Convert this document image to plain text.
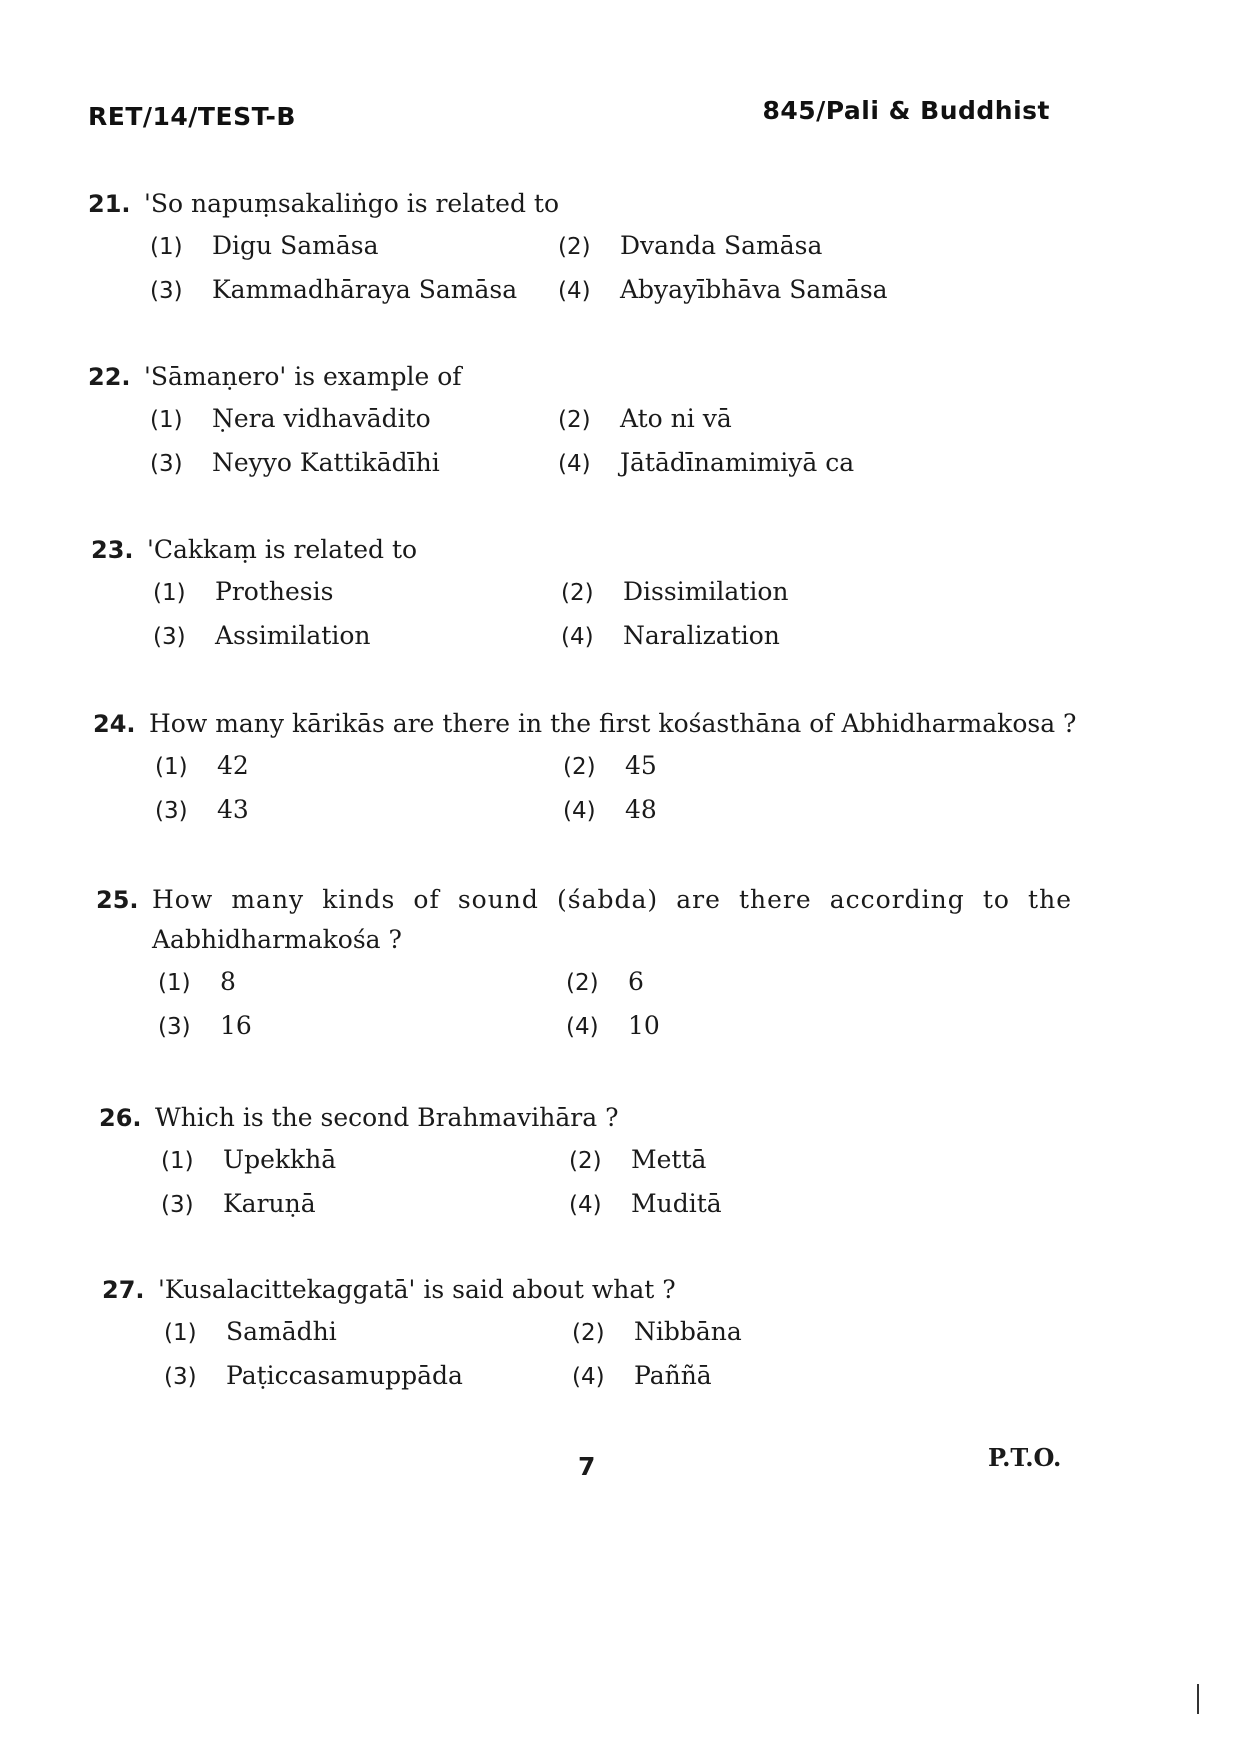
RET/14/TEST-B	845/Pali & Buddhist
21. 'So napuṃsakaliṅgo is related to
(1) Digu Samāsa	(2) Dvanda Samāsa
(3) Kammadhāraya Samāsa (4) Abyayībhāva Samāsa
22. 'Sāmaṇero' is example of
(1) Ṇera vidhavādito	(2) Ato ni vā
(3) Neyyo Kattikādīhi	(4) Jātādīnamimiyā ca
23. 'Cakkaṃ is related to
(1) Prothesis	(2) Dissimilation
(3) Assimilation	(4) Naralization
24. How many kārikās are there in the first kośasthāna of Abhidharmakosa ?
(1) 42	(2) 45
(3) 43	(4) 48
25. How many kinds of sound (śabda) are there according to the
Aabhidharmakośa ?
(1) 8	(2) 6
(3) 16	(4) 10
26. Which is the second Brahmavihāra ?
(1) Upekkhā	(2) Mettā
(3) Karuṇā	(4) Muditā
27. 'Kusalacittekaggatā' is said about what ?
(1) Samādhi	(2) Nibbāna
(3) Paṭiccasamuppāda	(4) Paññā
7	P.T.O.
